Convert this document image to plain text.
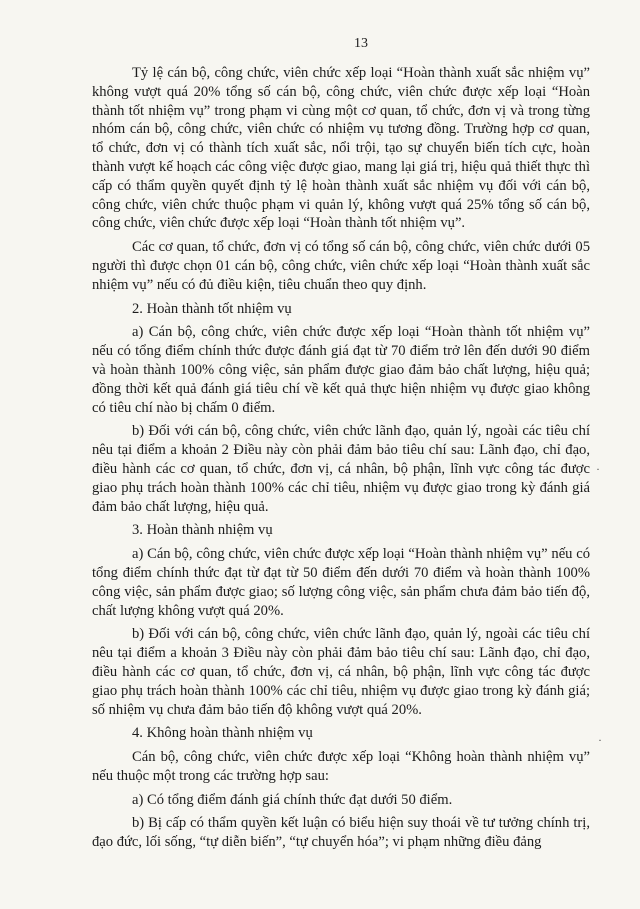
13

Tỷ lệ cán bộ, công chức, viên chức xếp loại “Hoàn thành xuất sắc nhiệm vụ” không vượt quá 20% tổng số cán bộ, công chức, viên chức được xếp loại “Hoàn thành tốt nhiệm vụ” trong phạm vi cùng một cơ quan, tổ chức, đơn vị và trong từng nhóm cán bộ, công chức, viên chức có nhiệm vụ tương đồng. Trường hợp cơ quan, tổ chức, đơn vị có thành tích xuất sắc, nổi trội, tạo sự chuyển biến tích cực, hoàn thành vượt kế hoạch các công việc được giao, mang lại giá trị, hiệu quả thiết thực thì cấp có thẩm quyền quyết định tỷ lệ hoàn thành xuất sắc nhiệm vụ đối với cán bộ, công chức, viên chức thuộc phạm vi quản lý, không vượt quá 25% tổng số cán bộ, công chức, viên chức được xếp loại “Hoàn thành tốt nhiệm vụ”.

Các cơ quan, tổ chức, đơn vị có tổng số cán bộ, công chức, viên chức dưới 05 người thì được chọn 01 cán bộ, công chức, viên chức xếp loại “Hoàn thành xuất sắc nhiệm vụ” nếu có đủ điều kiện, tiêu chuẩn theo quy định.

2. Hoàn thành tốt nhiệm vụ

a) Cán bộ, công chức, viên chức được xếp loại “Hoàn thành tốt nhiệm vụ” nếu có tổng điểm chính thức được đánh giá đạt từ 70 điểm trở lên đến dưới 90 điểm và hoàn thành 100% công việc, sản phẩm được giao đảm bảo chất lượng, hiệu quả; đồng thời kết quả đánh giá tiêu chí về kết quả thực hiện nhiệm vụ được giao không có tiêu chí nào bị chấm 0 điểm.

b) Đối với cán bộ, công chức, viên chức lãnh đạo, quản lý, ngoài các tiêu chí nêu tại điểm a khoản 2 Điều này còn phải đảm bảo tiêu chí sau: Lãnh đạo, chỉ đạo, điều hành các cơ quan, tổ chức, đơn vị, cá nhân, bộ phận, lĩnh vực công tác được giao phụ trách hoàn thành 100% các chỉ tiêu, nhiệm vụ được giao trong kỳ đánh giá đảm bảo chất lượng, hiệu quả.

3. Hoàn thành nhiệm vụ

a) Cán bộ, công chức, viên chức được xếp loại “Hoàn thành nhiệm vụ” nếu có tổng điểm chính thức đạt từ đạt từ 50 điểm đến dưới 70 điểm và hoàn thành 100% công việc, sản phẩm được giao; số lượng công việc, sản phẩm chưa đảm bảo tiến độ, chất lượng không vượt quá 20%.

b) Đối với cán bộ, công chức, viên chức lãnh đạo, quản lý, ngoài các tiêu chí nêu tại điểm a khoản 3 Điều này còn phải đảm bảo tiêu chí sau: Lãnh đạo, chỉ đạo, điều hành các cơ quan, tổ chức, đơn vị, cá nhân, bộ phận, lĩnh vực công tác được giao phụ trách hoàn thành 100% các chỉ tiêu, nhiệm vụ được giao trong kỳ đánh giá; số nhiệm vụ chưa đảm bảo tiến độ không vượt quá 20%.

4. Không hoàn thành nhiệm vụ

Cán bộ, công chức, viên chức được xếp loại “Không hoàn thành nhiệm vụ” nếu thuộc một trong các trường hợp sau:

a) Có tổng điểm đánh giá chính thức đạt dưới 50 điểm.

b) Bị cấp có thẩm quyền kết luận có biểu hiện suy thoái về tư tưởng chính trị, đạo đức, lối sống, “tự diễn biến”, “tự chuyển hóa”; vi phạm những điều đảng

·
·
